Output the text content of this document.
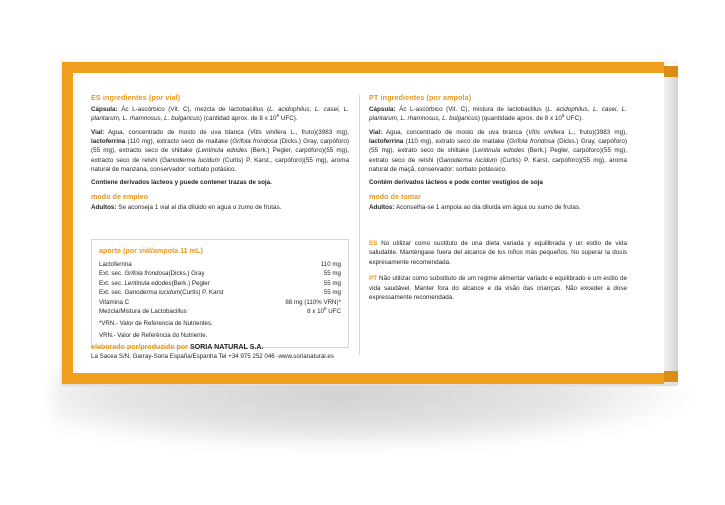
ES ingredientes (por vial)

Cápsula: Ác L-ascórbico (Vit. C), mezcla de lactobacillus (L. acidophilus, L. casei, L. plantarum, L. rhamnosus, L. bulgaricus) (cantidad aprox. de 8 x $10^8$ UFC).

Vial: Agua, concentrado de mosto de uva blanca (Vitis vinifera L., fruto)(3983 mg), lactoferrina (110 mg), extracto seco de maitake (Grifola frondosa (Dicks.) Gray, carpóforo)(55 mg), extracto seco de shiitake (Lentinula edodes (Berk.) Pegler, carpóforo)(55 mg), extracto seco de reishi (Ganoderma lucidum (Curtis) P. Karst., carpóforo)(55 mg), aroma natural de manzana, conservador: sorbato potásico.

Contiene derivados lácteos y puede contener trazas de soja.

modo de empleo

Adultos: Se aconseja 1 vial al día diluido en agua o zumo de frutas.

PT ingredientes (por ampola)

Cápsula: Ác L-ascórbico (Vit. C), mistura de lactobacillus (L. acidophilus, L. casei, L. plantarum, L. rhamnosus, L. bulgaricus) (quantidade aprox. de 8 x $10^8$ UFC).

Vial: Agua, concentrado de mosto de uva branca (Vitis vinifera L., fruto)(3983 mg), lactoferrina (110 mg), extrato seco de maitake (Grifola frondosa (Dicks.) Gray, carpóforo)(55 mg), extrato seco de shiitake (Lentinula edodes (Berk.) Pegler, carpóforo)(55 mg), extrato seco de reishi (Ganoderma lucidum (Curtis) P. Karst, carpóforo)(55 mg), aroma natural de maçã, conservador: sorbato potássico.

Contém derivados lácteos e pode conter vestígios de soja

modo de tomar

Adultos: Aconselha-se 1 ampola ao dia diluida em água ou sumo de frutas.

aporte (por vial/ampola 11 mL)
Lactoferrina	110 mg
Ext. sec. Grifola frondosa(Dicks.) Gray	55 mg
Ext. sec. Lentinula edodes(Berk.) Pegler	55 mg
Ext. sec. Ganoderma lucidum(Curtis) P. Karst	55 mg
Vitamina C	88 mg (110% VRN)*
Mezcla/Mistura de Lactobacillus	8 x $10^8$ UFC
*VRN.- Valor de Referencia de Nutrientes.
VRN.- Valor de Referência do Nutriente.

ES No utilizar como sustituto de una dieta variada y equilibrada y un estilo de vida saludable. Mantèngase fuera del alcance de los niños más pequeños. No superar la dosis expresamente recomendada.

PT Não utilizar como substituto de um regime alimentar variado e equilibrado e um estilo de vida saudável. Manter fora do alcance e da visão das crianças. Não exceder a dose expressamente recomendada.

elaborado por/produzido por SORIA NATURAL S.A.
La Sacea S/N, Garray-Soria España/Espanha Tel +34 975 252 046 -www.sorianatural.es
